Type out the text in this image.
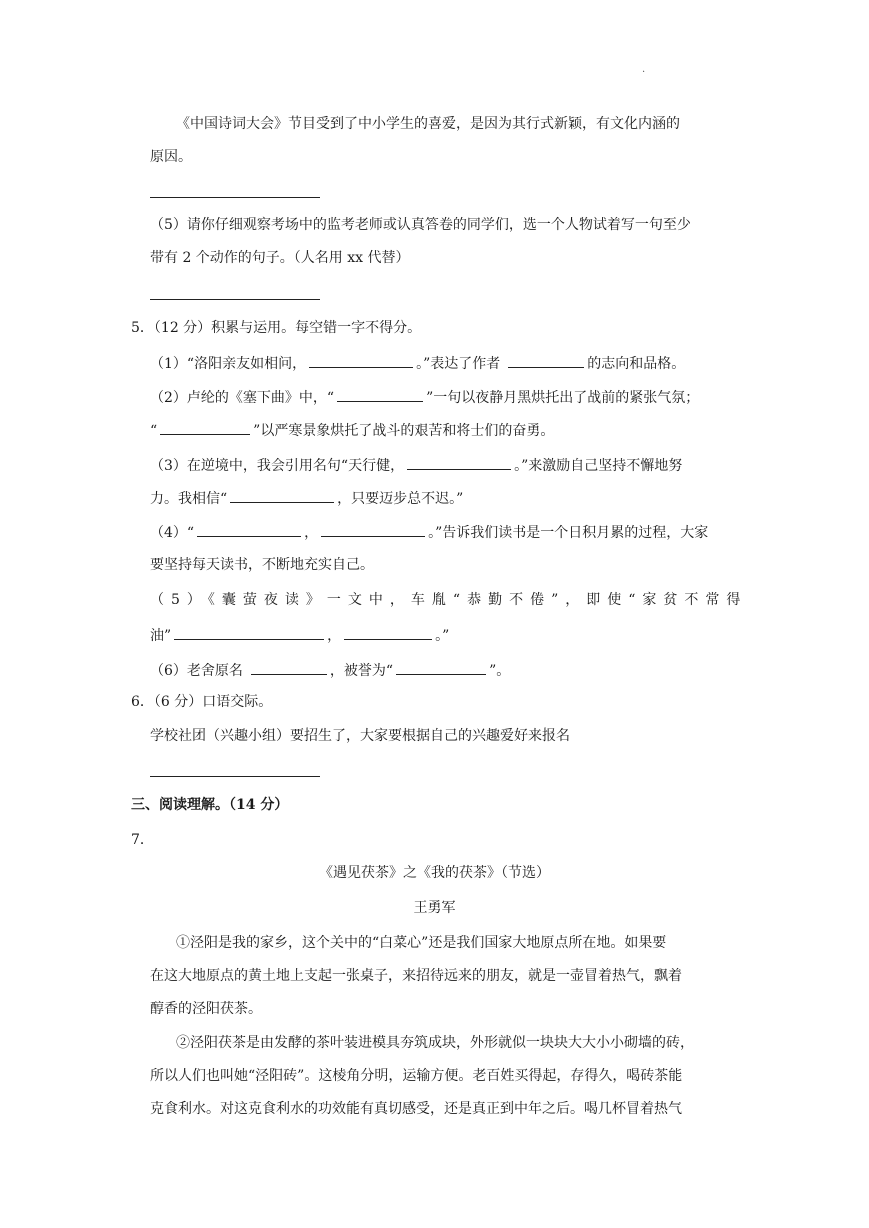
.
《中国诗词大会》节目受到了中小学生的喜爱，是因为其行式新颖，有文化内涵的
原因。
（5）请你仔细观察考场中的监考老师或认真答卷的同学们，选一个人物试着写一句至少
带有 2 个动作的句子。（人名用 xx 代替）
5．（12 分）积累与运用。每空错一字不得分。
（1）“洛阳亲友如相问，	。”表达了作者	的志向和品格。
（2）卢纶的《塞下曲》中，“	”一句以夜静月黑烘托出了战前的紧张气氛；
“	”以严寒景象烘托了战斗的艰苦和将士们的奋勇。
（3）在逆境中，我会引用名句“天行健，	。”来激励自己坚持不懈地努
力。我相信“	，只要迈步总不迟。”
（4）“	，	。”告诉我们读书是一个日积月累的过程，大家
要坚持每天读书，不断地充实自己。
（5）《囊萤夜读》一文中，车胤“恭勤不倦”，即使“家贫不常得
油”	，	。”
（6）老舍原名	，被誉为“	”。
6．（6 分）口语交际。
学校社团（兴趣小组）要招生了，大家要根据自己的兴趣爱好来报名
三、阅读理解。（14 分）
7．
《遇见茯茶》之《我的茯茶》（节选）
王勇军
①泾阳是我的家乡，这个关中的“白菜心”还是我们国家大地原点所在地。如果要
在这大地原点的黄土地上支起一张桌子，来招待远来的朋友，就是一壶冒着热气，飘着
醇香的泾阳茯茶。
②泾阳茯茶是由发酵的茶叶装进模具夯筑成块，外形就似一块块大大小小砌墙的砖，
所以人们也叫她“泾阳砖”。这棱角分明，运输方便。老百姓买得起，存得久，喝砖茶能
克食利水。对这克食利水的功效能有真切感受，还是真正到中年之后。喝几杯冒着热气
